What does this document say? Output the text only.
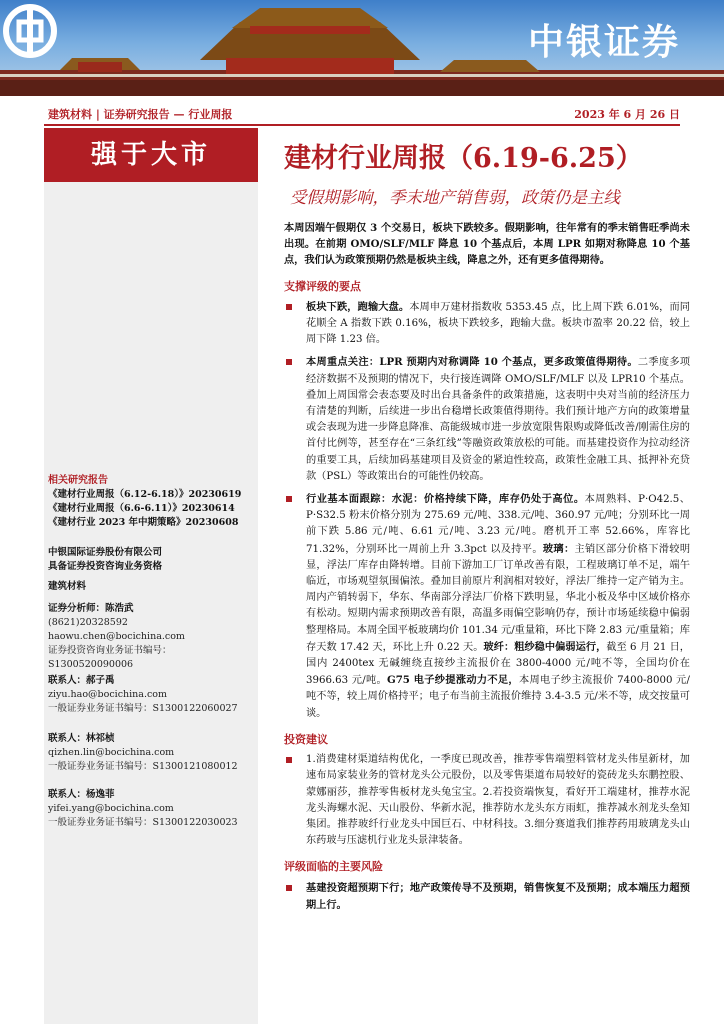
中银证券
建筑材料 | 证券研究报告 — 行业周报	2023 年 6 月 26 日
强于大市	建材行业周报（6.19-6.25）
受假期影响，季末地产销售弱，政策仍是主线

本周因端午假期仅 3 个交易日，板块下跌较多。假期影响，往年常有的季末销售旺季尚未出现。在前期 OMO/SLF/MLF 降息 10 个基点后，本周 LPR 如期对称降息 10 个基点，我们认为政策预期仍然是板块主线，降息之外，还有更多值得期待。

支撑评级的要点
板块下跌，跑输大盘。本周申万建材指数收 5353.45 点，比上周下跌 6.01%，而同花顺全 A 指数下跌 0.16%，板块下跌较多，跑输大盘。板块市盈率 20.22 倍，较上周下降 1.23 倍。
本周重点关注：LPR 预期内对称调降 10 个基点，更多政策值得期待。二季度多项经济数据不及预期的情况下，央行接连调降 OMO/SLF/MLF 以及 LPR10 个基点。叠加上周国常会表态要及时出台具备条件的政策措施，这表明中央对当前的经济压力有清楚的判断，后续进一步出台稳增长政策值得期待。我们预计地产方向的政策增量或会表现为进一步降息降准、高能级城市进一步放宽限售限购或降低改善/刚需住房的首付比例等，甚至存在“三条红线”等融资政策放松的可能。而基建投资作为拉动经济的重要工具，后续加码基建项目及资金的紧迫性较高，政策性金融工具、抵押补充贷款（PSL）等政策出台的可能性仍较高。
行业基本面跟踪：水泥：价格持续下降，库存仍处于高位。本周熟料、P·O42.5、P·S32.5 粉末价格分别为 275.69 元/吨、338.元/吨、360.97 元/吨；分别环比一周前下跌 5.86 元/吨、6.61 元/吨、3.23 元/吨。磨机开工率 52.66%，库容比 71.32%，分别环比一周前上升 3.3pct 以及持平。玻璃：主销区部分价格下滑较明显，浮法厂库存由降转增。目前下游加工厂订单改善有限，工程玻璃订单不足，端午临近，市场观望氛围偏浓。叠加目前原片利润相对较好，浮法厂维持一定产销为主。周内产销转弱下，华东、华南部分浮法厂价格下跌明显，华北小板及华中区域价格亦有松动。短期内需求预期改善有限，高温多雨偏空影响仍存，预计市场延续稳中偏弱整理格局。本周全国平板玻璃均价 101.34 元/重量箱，环比下降 2.83 元/重量箱；库存天数 17.42 天，环比上升 0.22 天。玻纤：粗纱稳中偏弱运行，截至 6 月 21 日，国内 2400tex 无碱缠绕直接纱主流报价在 3800-4000 元/吨不等，全国均价在 3966.63 元/吨。G75 电子纱提涨动力不足，本周电子纱主流报价 7400-8000 元/吨不等，较上周价格持平；电子布当前主流报价维持 3.4-3.5 元/米不等，成交按量可谈。
投资建议
1.消费建材渠道结构优化，一季度已现改善，推荐零售端塑料管材龙头伟星新材，加速布局家装业务的管材龙头公元股份，以及零售渠道布局较好的瓷砖龙头东鹏控股、蒙娜丽莎，推荐零售板材龙头兔宝宝。2.若投资端恢复，看好开工端建材，推荐水泥龙头海螺水泥、天山股份、华新水泥，推荐防水龙头东方雨虹，推荐减水剂龙头垒知集团。推荐玻纤行业龙头中国巨石、中材科技。3.细分赛道我们推荐药用玻璃龙头山东药玻与压滤机行业龙头景津装备。
评级面临的主要风险
基建投资超预期下行；地产政策传导不及预期，销售恢复不及预期；成本端压力超预期上行。
相关研究报告
《建材行业周报（6.12-6.18）》20230619
《建材行业周报（6.6-6.11）》20230614
《建材行业 2023 年中期策略》20230608
中银国际证券股份有限公司
具备证券投资咨询业务资格
建筑材料
证券分析师：陈浩武
(8621)20328592
haowu.chen@bocichina.com
证券投资咨询业务证书编号：S1300520090006
联系人：郝子禹
ziyu.hao@bocichina.com
一般证券业务证书编号：S1300122060027
联系人：林祁桢
qizhen.lin@bocichina.com
一般证券业务证书编号：S1300121080012
联系人：杨逸菲
yifei.yang@bocichina.com
一般证券业务证书编号：S1300122030023
